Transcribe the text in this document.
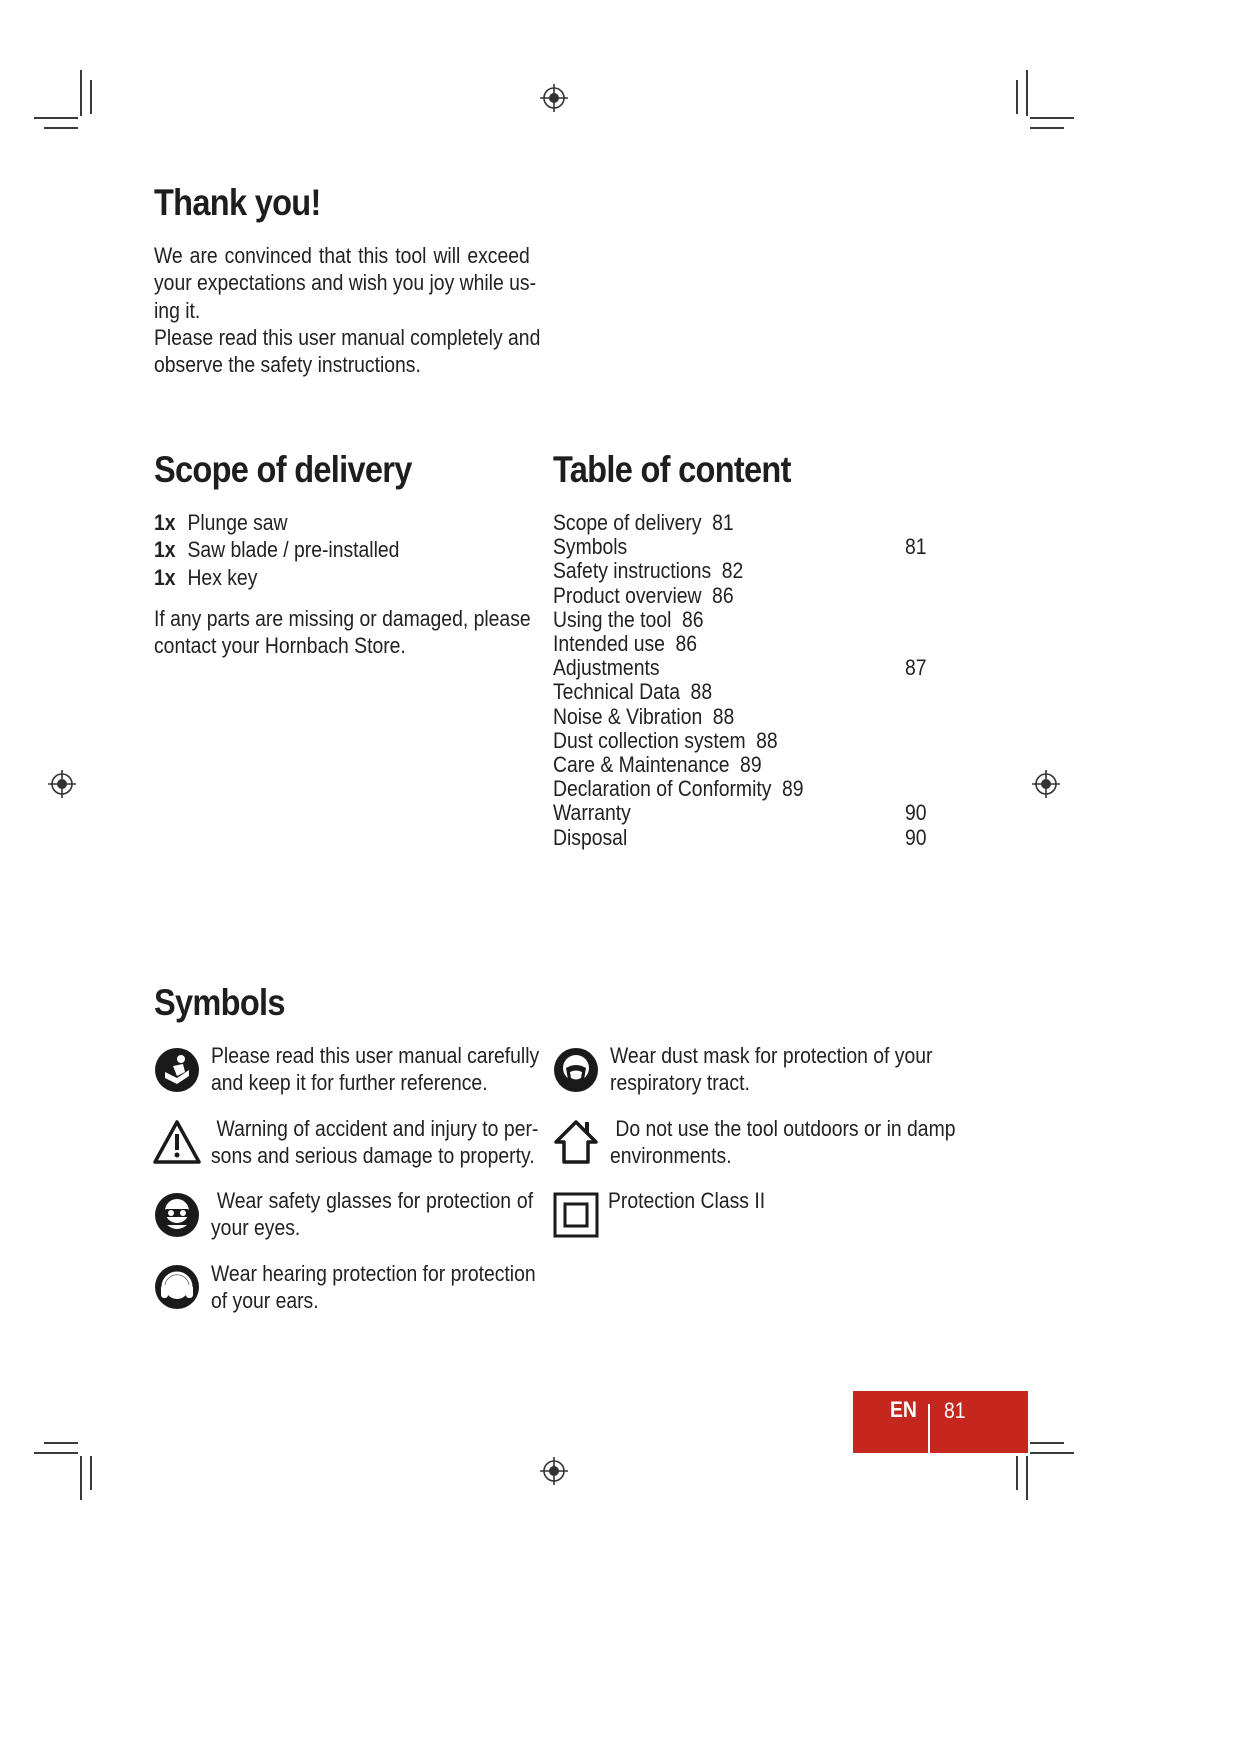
Thank you!
We are convinced that this tool will exceed
your expectations and wish you joy while us-
ing it.
Please read this user manual completely and
observe the safety instructions.
Scope of delivery
1x Plunge saw
1x Saw blade / pre-installed
1x Hex key
If any parts are missing or damaged, please
contact your Hornbach Store.
Table of content
Scope of delivery 81
Symbols	81
Safety instructions 82
Product overview 86
Using the tool 86
Intended use 86
Adjustments	87
Technical Data 88
Noise & Vibration 88
Dust collection system 88
Care & Maintenance 89
Declaration of Conformity 89
Warranty	90
Disposal	90
Symbols
Please read this user manual carefully
and keep it for further reference.
Warning of accident and injury to per-
sons and serious damage to property.
Wear safety glasses for protection of
your eyes.
Wear hearing protection for protection
of your ears.
Wear dust mask for protection of your
respiratory tract.
Do not use the tool outdoors or in damp
environments.
Protection Class II
EN 81
